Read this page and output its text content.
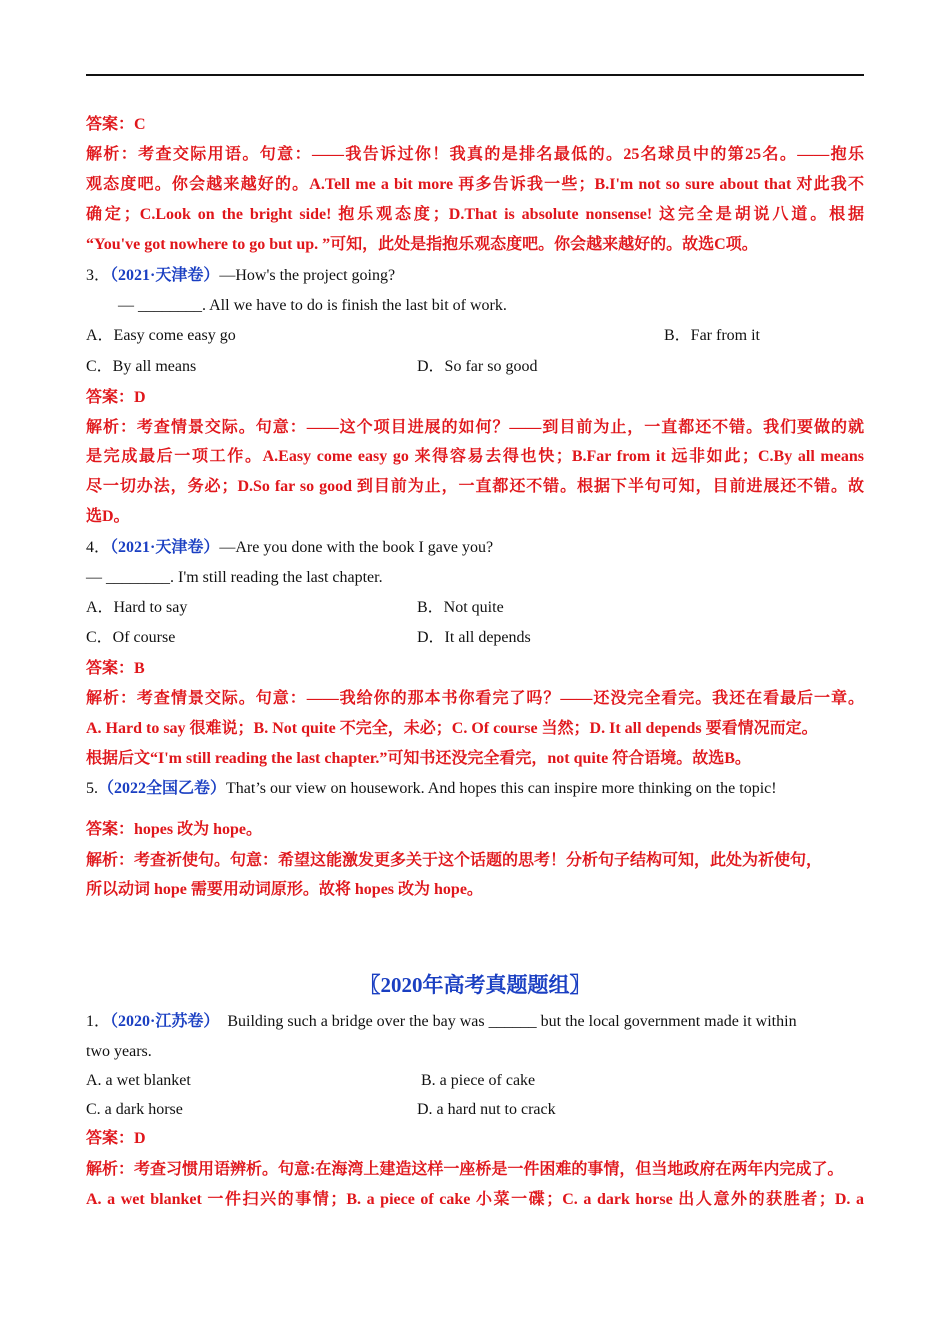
答案：C
解析：考查交际用语。句意：——我告诉过你！我真的是排名最低的。25名球员中的第25名。——抱乐
观态度吧。你会越来越好的。A.Tell me a bit more 再多告诉我一些；B.I'm not so sure about that 对此我不
确定；C.Look on the bright side! 抱乐观态度；D.That is absolute nonsense! 这完全是胡说八道。根据
“You've got nowhere to go but up. ”可知，此处是指抱乐观态度吧。你会越来越好的。故选C项。
3．（2021·天津卷）—How's the project going?
— ________. All we have to do is finish the last bit of work.
A．Easy come easy go	B．Far from it
C．By all means	D．So far so good
答案：D
解析：考查情景交际。句意：——这个项目进展的如何？——到目前为止，一直都还不错。我们要做的就
是完成最后一项工作。A.Easy come easy go 来得容易去得也快；B.Far from it 远非如此；C.By all means
尽一切办法，务必；D.So far so good 到目前为止，一直都还不错。根据下半句可知，目前进展还不错。故
选D。
4．（2021·天津卷）—Are you done with the book I gave you?
— ________. I'm still reading the last chapter.
A．Hard to say	B．Not quite
C．Of course	D．It all depends
答案：B
解析：考查情景交际。句意：——我给你的那本书你看完了吗？——还没完全看完。我还在看最后一章。
A. Hard to say 很难说；B. Not quite 不完全，未必；C. Of course 当然；D. It all depends 要看情况而定。
根据后文“I'm still reading the last chapter.”可知书还没完全看完，not quite 符合语境。故选B。
5.（2022全国乙卷）That’s our view on housework. And hopes this can inspire more thinking on the topic!
答案：hopes 改为 hope。
解析：考查祈使句。句意：希望这能激发更多关于这个话题的思考！分析句子结构可知，此处为祈使句，
所以动词 hope 需要用动词原形。故将 hopes 改为 hope。
〖2020年高考真题题组〗
1．（2020·江苏卷）  Building such a bridge over the bay was ______ but the local government made it within
two years.
A. a wet blanket	B. a piece of cake
C. a dark horse	D. a hard nut to crack
答案：D
解析：考查习惯用语辨析。句意:在海湾上建造这样一座桥是一件困难的事情，但当地政府在两年内完成了。
A. a wet blanket 一件扫兴的事情；B. a piece of cake 小菜一碟；C. a dark horse 出人意外的获胜者；D. a
